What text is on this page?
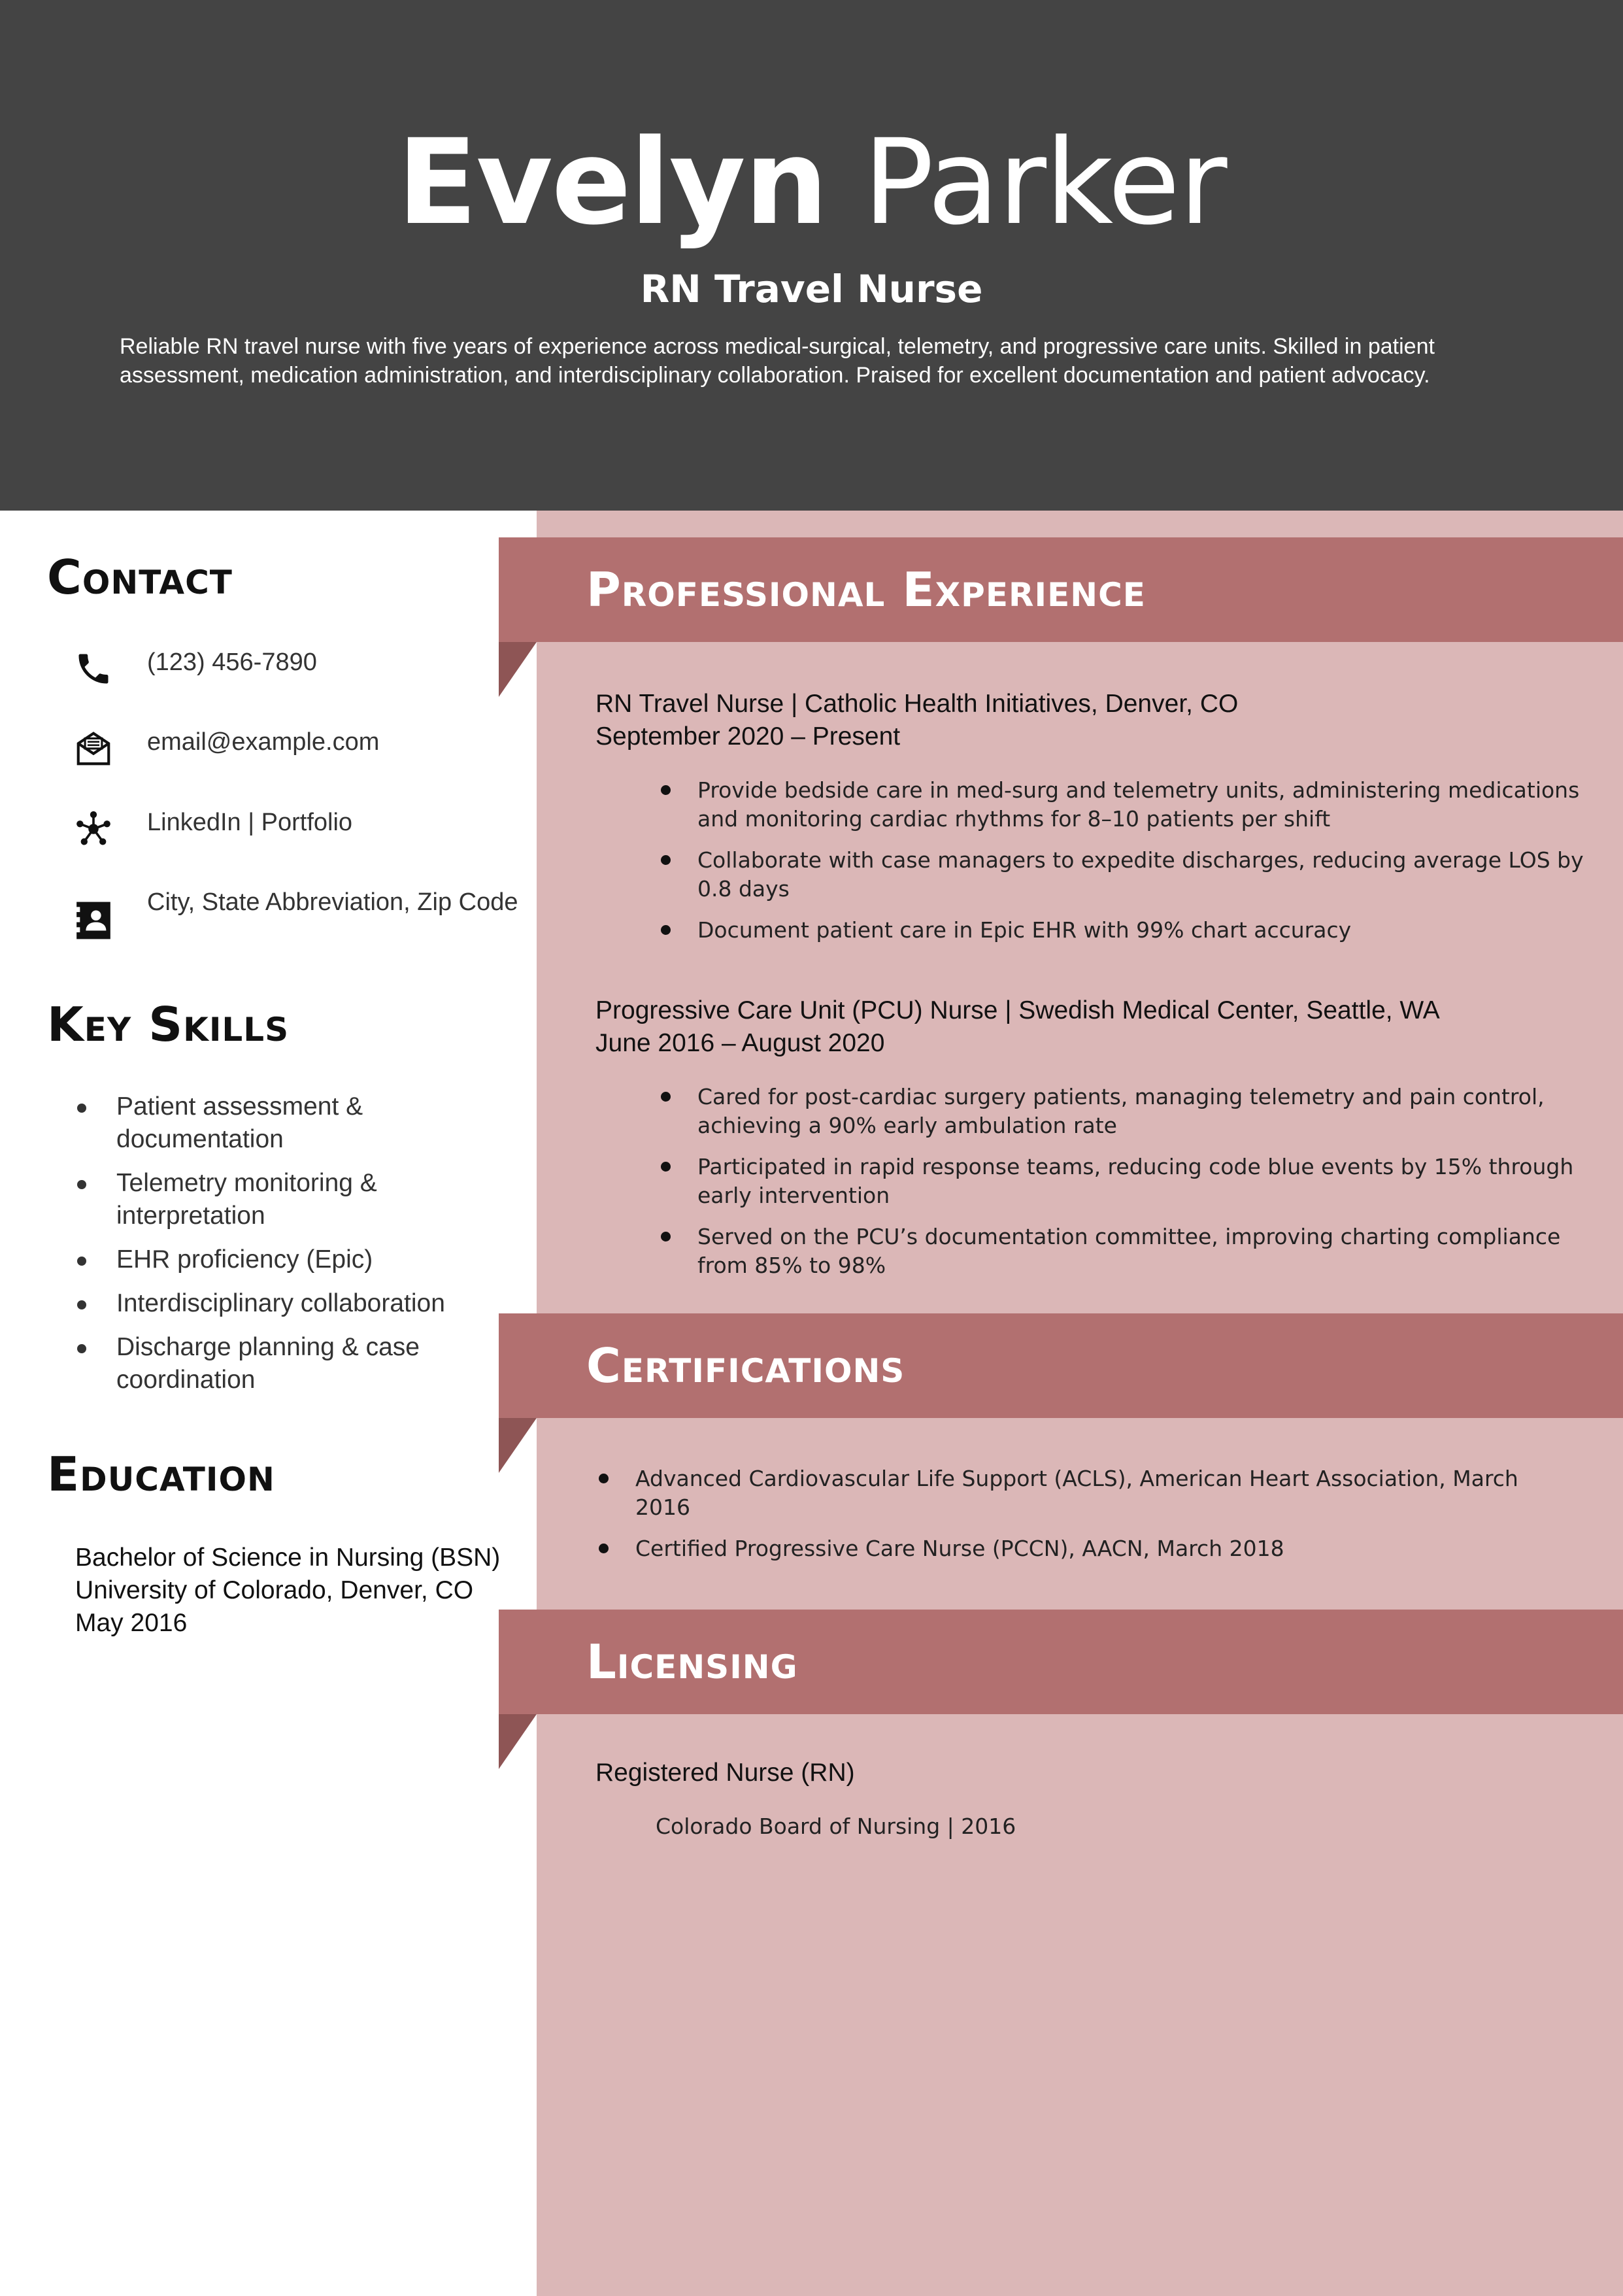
Evelyn Parker
RN Travel Nurse
Reliable RN travel nurse with five years of experience across medical-surgical, telemetry, and progressive care units. Skilled in patient assessment, medication administration, and interdisciplinary collaboration. Praised for excellent documentation and patient advocacy.
Contact
(123) 456-7890
email@example.com
LinkedIn | Portfolio
City, State Abbreviation, Zip Code
Key Skills
Patient assessment & documentation
Telemetry monitoring & interpretation
EHR proficiency (Epic)
Interdisciplinary collaboration
Discharge planning & case coordination
Education
Bachelor of Science in Nursing (BSN)
University of Colorado, Denver, CO
May 2016
Professional Experience
RN Travel Nurse | Catholic Health Initiatives, Denver, CO
September 2020 – Present
Provide bedside care in med-surg and telemetry units, administering medications and monitoring cardiac rhythms for 8–10 patients per shift
Collaborate with case managers to expedite discharges, reducing average LOS by 0.8 days
Document patient care in Epic EHR with 99% chart accuracy
Progressive Care Unit (PCU) Nurse | Swedish Medical Center, Seattle, WA
June 2016 – August 2020
Cared for post-cardiac surgery patients, managing telemetry and pain control, achieving a 90% early ambulation rate
Participated in rapid response teams, reducing code blue events by 15% through early intervention
Served on the PCU’s documentation committee, improving charting compliance from 85% to 98%
Certifications
Advanced Cardiovascular Life Support (ACLS), American Heart Association, March 2016
Certified Progressive Care Nurse (PCCN), AACN, March 2018
Licensing
Registered Nurse (RN)
Colorado Board of Nursing | 2016
